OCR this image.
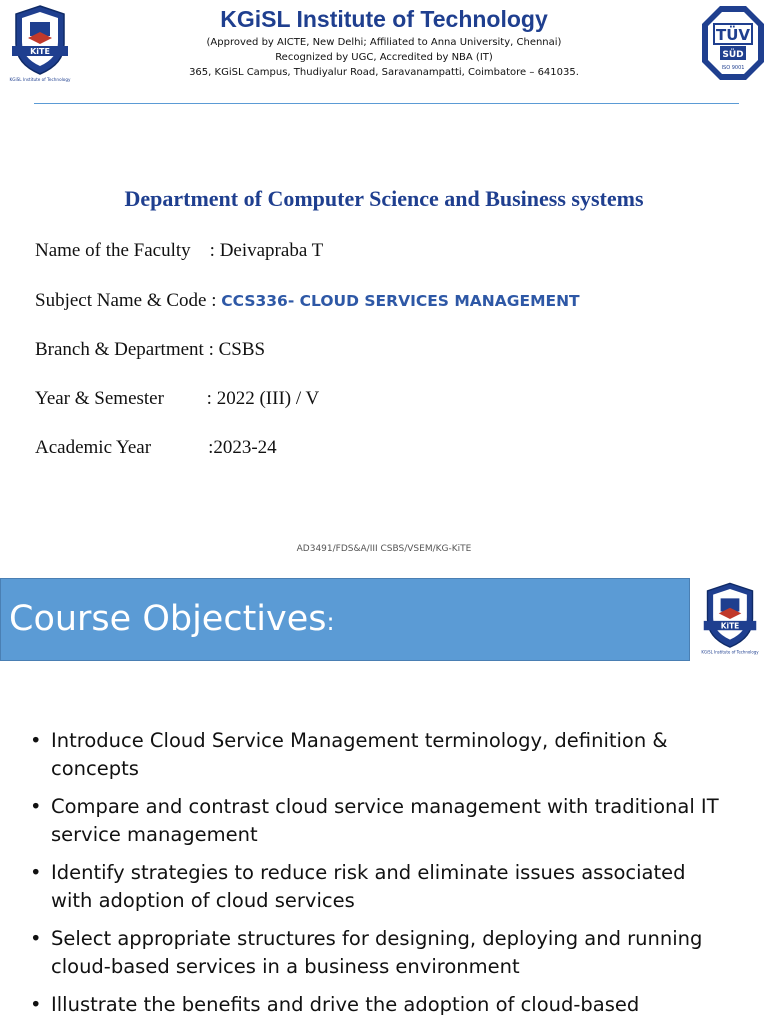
KiTE
KGiSL Institute of Technology
KGiSL Institute of Technology
(Approved by AICTE, New Delhi; Affiliated to Anna University, Chennai)
Recognized by UGC, Accredited by NBA (IT)
365, KGiSL Campus, Thudiyalur Road, Saravanampatti, Coimbatore – 641035.
TÜV
SÜD
ISO 9001
Department of Computer Science and Business systems
Name of the Faculty    : Deivapraba T
Subject Name & Code : CCS336- CLOUD SERVICES MANAGEMENT
Branch & Department : CSBS
Year & Semester         : 2022 (III) / V
Academic Year            :2023-24
AD3491/FDS&A/III CSBS/VSEM/KG-KiTE
Course Objectives:	KiTE
KGiSL Institute of Technology
• Introduce Cloud Service Management terminology, definition & concepts
• Compare and contrast cloud service management with traditional IT service management
• Identify strategies to reduce risk and eliminate issues associated with adoption of cloud services
• Select appropriate structures for designing, deploying and running cloud-based services in a business environment
• Illustrate the benefits and drive the adoption of cloud-based
